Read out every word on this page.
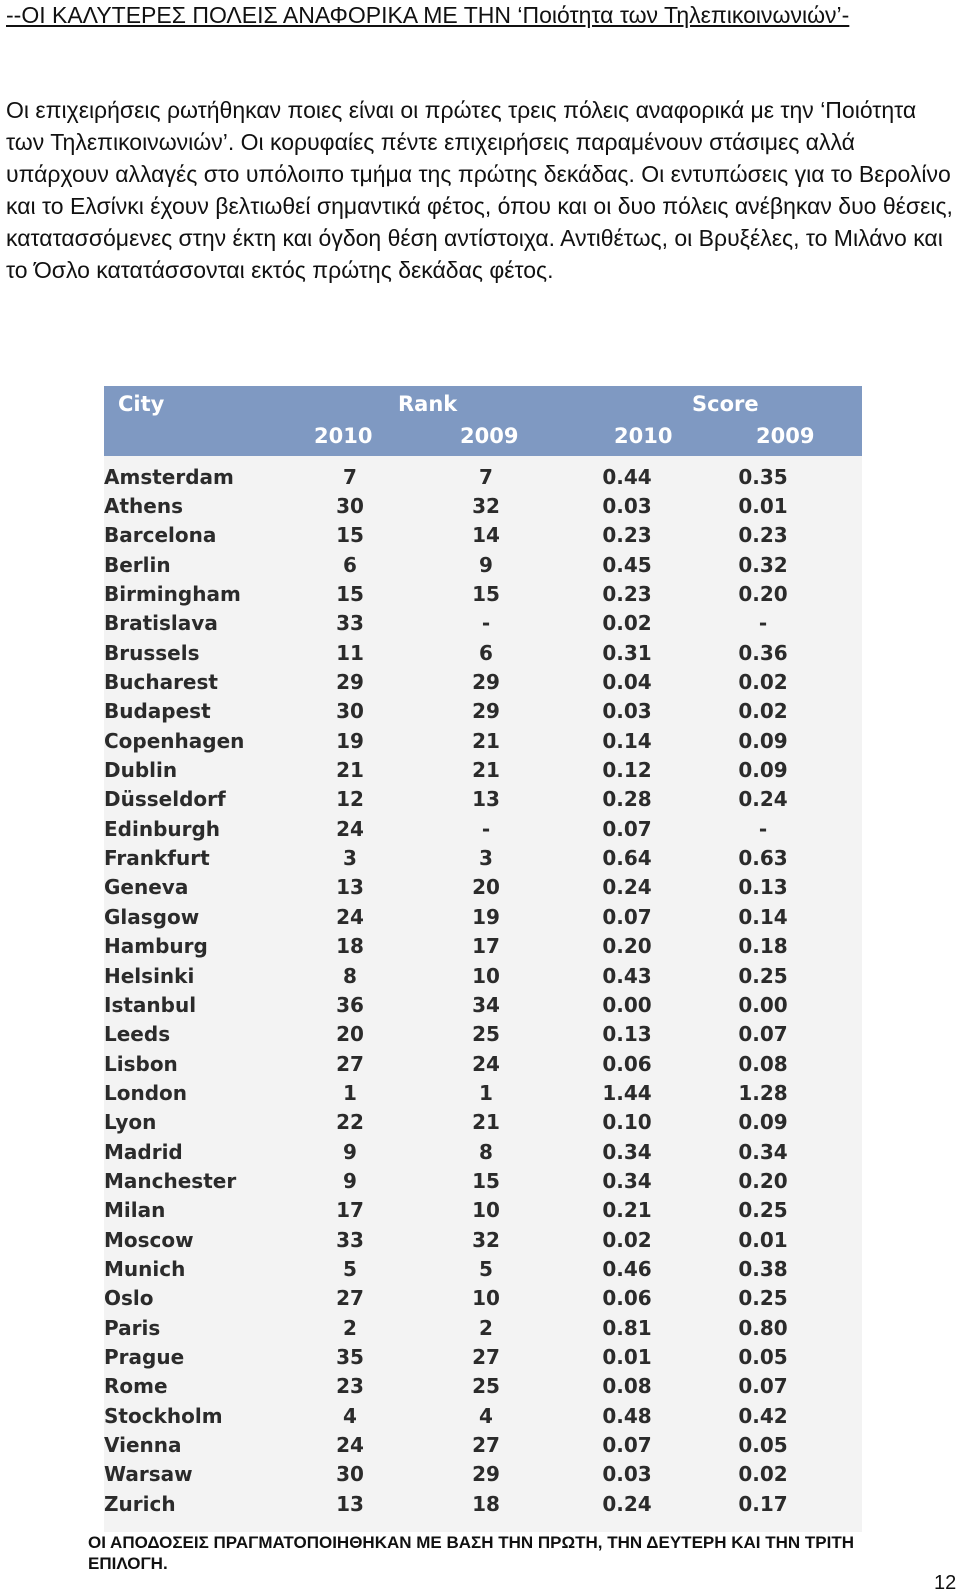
--ΟΙ ΚΑΛΥΤΕΡΕΣ ΠΟΛΕΙΣ ΑΝΑΦΟΡΙΚΑ ΜΕ ΤΗΝ ‘Ποιότητα των Τηλεπικοινωνιών’-

Οι επιχειρήσεις ρωτήθηκαν ποιες είναι οι πρώτες τρεις πόλεις αναφορικά με την ‘Ποιότητα των Τηλεπικοινωνιών’. Οι κορυφαίες πέντε επιχειρήσεις παραμένουν στάσιμες αλλά υπάρχουν αλλαγές στο υπόλοιπο τμήμα της πρώτης δεκάδας. Οι εντυπώσεις για το Βερολίνο και το Ελσίνκι έχουν βελτιωθεί σημαντικά φέτος, όπου και οι δυο πόλεις ανέβηκαν δυο θέσεις, κατατασσόμενες στην έκτη και όγδοη θέση αντίστοιχα. Αντιθέτως, οι Βρυξέλες, το Μιλάνο και το Όσλο κατατάσσονται εκτός πρώτης δεκάδας φέτος.

City	Rank	Score
2010	2009	2010	2009
Amsterdam	7	7	0.44	0.35
Athens	30	32	0.03	0.01
Barcelona	15	14	0.23	0.23
Berlin	6	9	0.45	0.32
Birmingham	15	15	0.23	0.20
Bratislava	33	-	0.02	-
Brussels	11	6	0.31	0.36
Bucharest	29	29	0.04	0.02
Budapest	30	29	0.03	0.02
Copenhagen	19	21	0.14	0.09
Dublin	21	21	0.12	0.09
Düsseldorf	12	13	0.28	0.24
Edinburgh	24	-	0.07	-
Frankfurt	3	3	0.64	0.63
Geneva	13	20	0.24	0.13
Glasgow	24	19	0.07	0.14
Hamburg	18	17	0.20	0.18
Helsinki	8	10	0.43	0.25
Istanbul	36	34	0.00	0.00
Leeds	20	25	0.13	0.07
Lisbon	27	24	0.06	0.08
London	1	1	1.44	1.28
Lyon	22	21	0.10	0.09
Madrid	9	8	0.34	0.34
Manchester	9	15	0.34	0.20
Milan	17	10	0.21	0.25
Moscow	33	32	0.02	0.01
Munich	5	5	0.46	0.38
Oslo	27	10	0.06	0.25
Paris	2	2	0.81	0.80
Prague	35	27	0.01	0.05
Rome	23	25	0.08	0.07
Stockholm	4	4	0.48	0.42
Vienna	24	27	0.07	0.05
Warsaw	30	29	0.03	0.02
Zurich	13	18	0.24	0.17
ΟΙ ΑΠΟΔΟΣΕΙΣ ΠΡΑΓΜΑΤΟΠΟΙΗΘΗΚΑΝ ΜΕ ΒΑΣΗ ΤΗΝ ΠΡΩΤΗ, ΤΗΝ ΔΕΥΤΕΡΗ ΚΑΙ ΤΗΝ ΤΡΙΤΗ ΕΠΙΛΟΓΗ.
12
